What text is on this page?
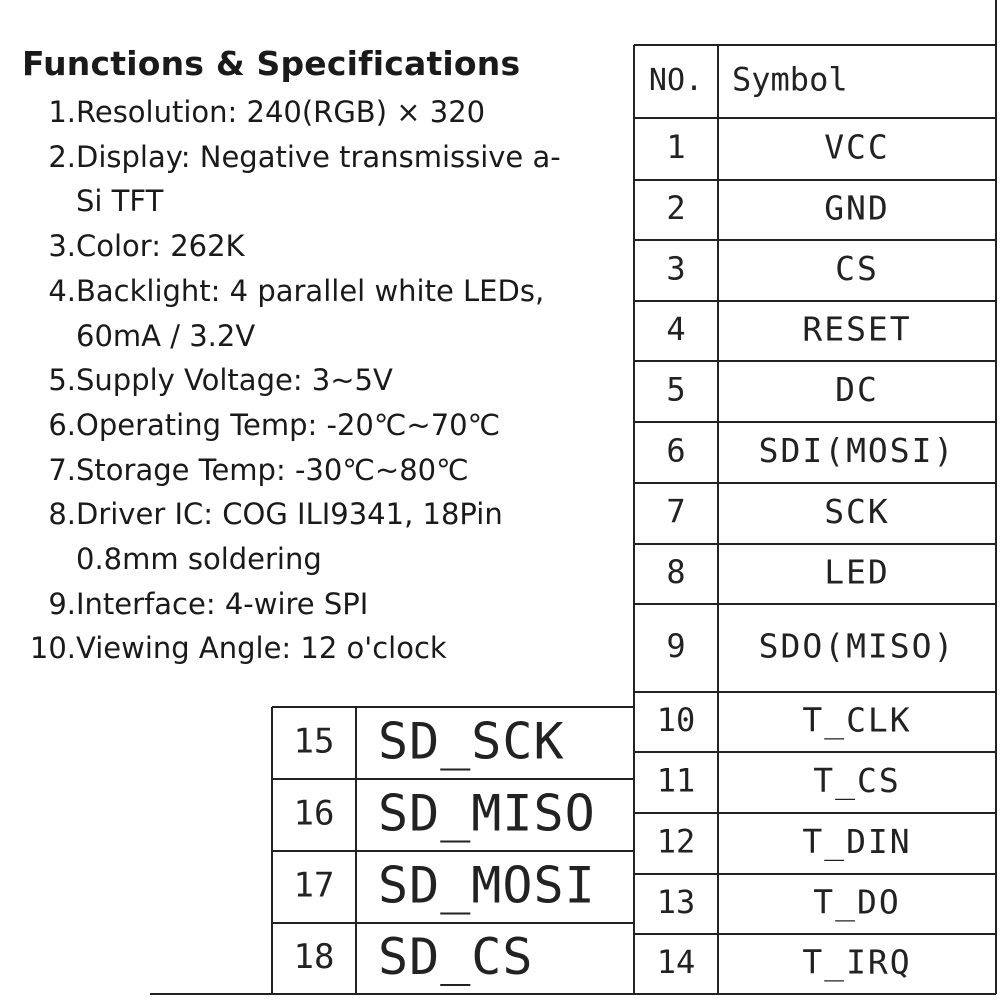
Functions & Specifications
1. Resolution: 240(RGB) × 320
2. Display: Negative transmissive a-
Si TFT
3. Color: 262K
4. Backlight: 4 parallel white LEDs,
60mA / 3.2V
5. Supply Voltage: 3~5V
6. Operating Temp: -20℃~70℃
7. Storage Temp: -30℃~80℃
8. Driver IC: COG ILI9341, 18Pin
0.8mm soldering
9. Interface: 4-wire SPI
10. Viewing Angle: 12 o'clock
NO. Symbol
1	VCC
2	GND
3	CS
4	RESET
5	DC
6 SDI(MOSI)
7	SCK
8	LED
9 SDO(MISO)
10	T_CLK
11	T_CS
12	T_DIN
13	T_DO
14	T_IRQ
15 SD_SCK
16 SD_MISO
17 SD_MOSI
18 SD_CS
